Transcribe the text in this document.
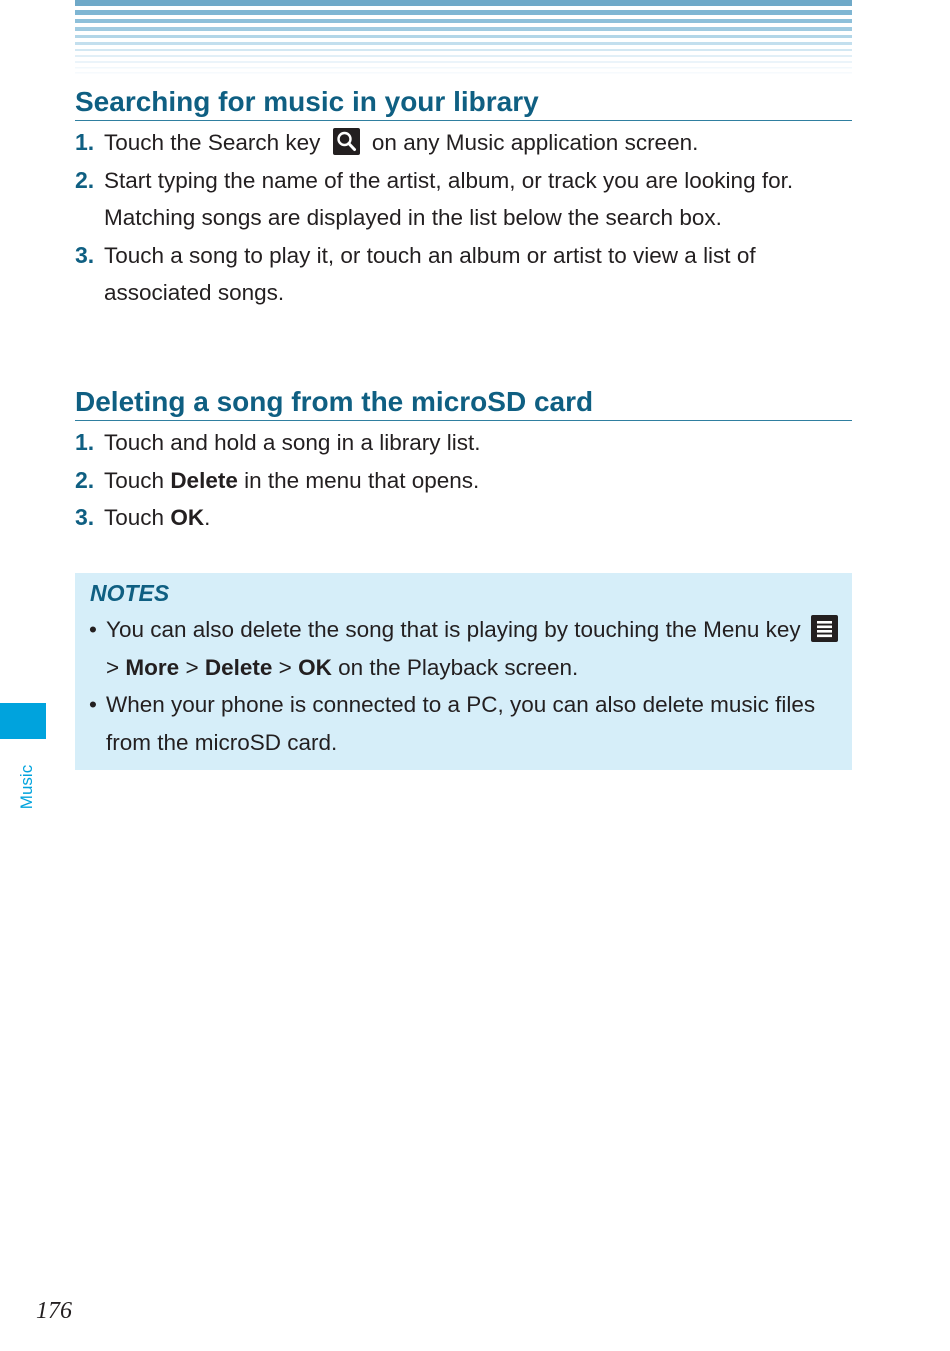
Searching for music in your library
1. Touch the Search key on any Music application screen.
2. Start typing the name of the artist, album, or track you are looking for.
Matching songs are displayed in the list below the search box.
3. Touch a song to play it, or touch an album or artist to view a list of associated songs.
Deleting a song from the microSD card
1. Touch and hold a song in a library list.
2. Touch Delete in the menu that opens.
3. Touch OK.
NOTES
• You can also delete the song that is playing by touching the Menu key  > More > Delete > OK on the Playback screen.
• When your phone is connected to a PC, you can also delete music files from the microSD card.
Music
176
